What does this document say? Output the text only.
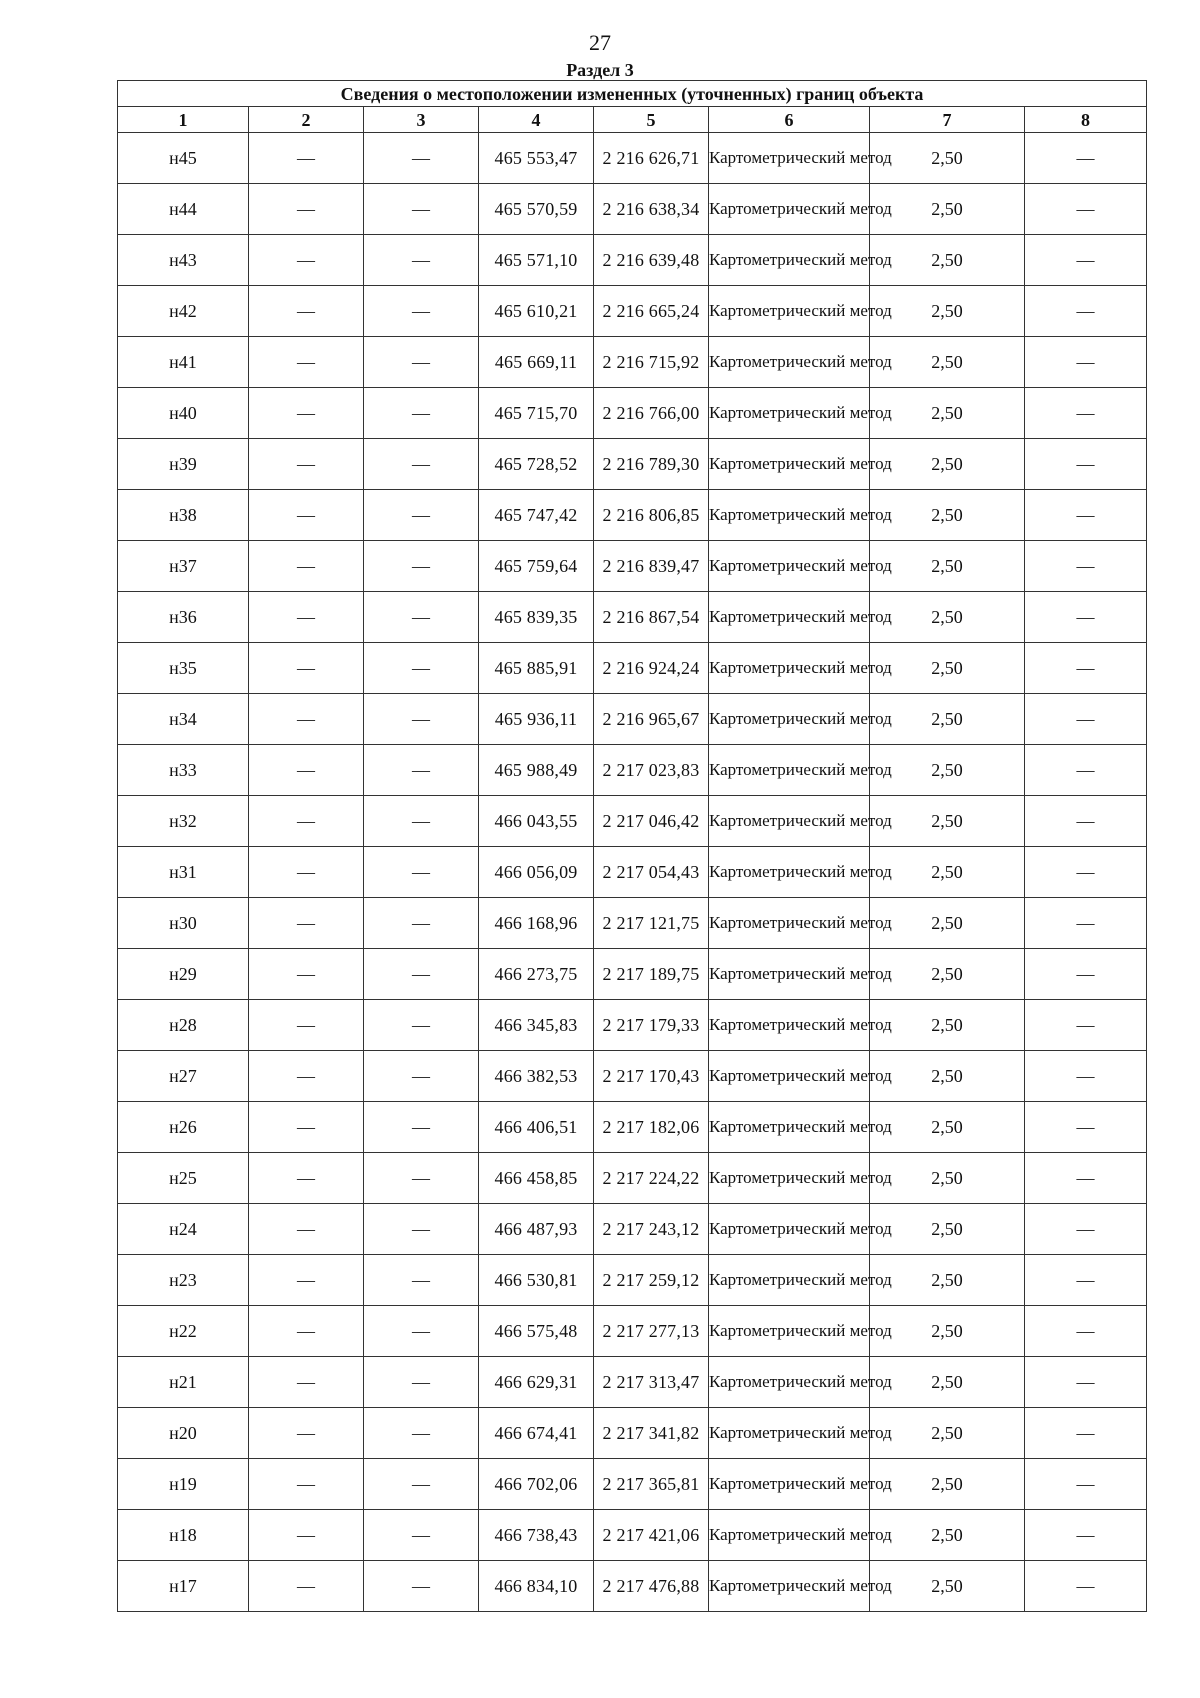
27
Раздел 3
Сведения о местоположении измененных (уточненных) границ объекта							
1	2	3	4	5	6	7	8
н45	—	—	465 553,47	2 216 626,71	Картометрический метод	2,50	—
н44	—	—	465 570,59	2 216 638,34	Картометрический метод	2,50	—
н43	—	—	465 571,10	2 216 639,48	Картометрический метод	2,50	—
н42	—	—	465 610,21	2 216 665,24	Картометрический метод	2,50	—
н41	—	—	465 669,11	2 216 715,92	Картометрический метод	2,50	—
н40	—	—	465 715,70	2 216 766,00	Картометрический метод	2,50	—
н39	—	—	465 728,52	2 216 789,30	Картометрический метод	2,50	—
н38	—	—	465 747,42	2 216 806,85	Картометрический метод	2,50	—
н37	—	—	465 759,64	2 216 839,47	Картометрический метод	2,50	—
н36	—	—	465 839,35	2 216 867,54	Картометрический метод	2,50	—
н35	—	—	465 885,91	2 216 924,24	Картометрический метод	2,50	—
н34	—	—	465 936,11	2 216 965,67	Картометрический метод	2,50	—
н33	—	—	465 988,49	2 217 023,83	Картометрический метод	2,50	—
н32	—	—	466 043,55	2 217 046,42	Картометрический метод	2,50	—
н31	—	—	466 056,09	2 217 054,43	Картометрический метод	2,50	—
н30	—	—	466 168,96	2 217 121,75	Картометрический метод	2,50	—
н29	—	—	466 273,75	2 217 189,75	Картометрический метод	2,50	—
н28	—	—	466 345,83	2 217 179,33	Картометрический метод	2,50	—
н27	—	—	466 382,53	2 217 170,43	Картометрический метод	2,50	—
н26	—	—	466 406,51	2 217 182,06	Картометрический метод	2,50	—
н25	—	—	466 458,85	2 217 224,22	Картометрический метод	2,50	—
н24	—	—	466 487,93	2 217 243,12	Картометрический метод	2,50	—
н23	—	—	466 530,81	2 217 259,12	Картометрический метод	2,50	—
н22	—	—	466 575,48	2 217 277,13	Картометрический метод	2,50	—
н21	—	—	466 629,31	2 217 313,47	Картометрический метод	2,50	—
н20	—	—	466 674,41	2 217 341,82	Картометрический метод	2,50	—
н19	—	—	466 702,06	2 217 365,81	Картометрический метод	2,50	—
н18	—	—	466 738,43	2 217 421,06	Картометрический метод	2,50	—
н17	—	—	466 834,10	2 217 476,88	Картометрический метод	2,50	—
